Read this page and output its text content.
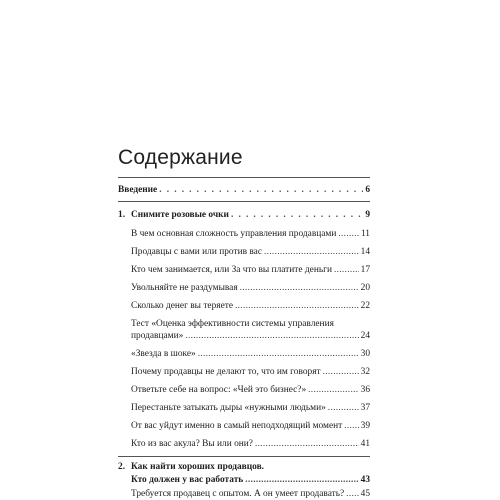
Содержание
Введение . . .	6
1. Снимите розовые очки . . .	9
В чем основная сложность управления продавцами .....	11
Продавцы с вами или против вас .....	14
Кто чем занимается, или За что вы платите деньги .....	17
Увольняйте не раздумывая .....	20
Сколько денег вы теряете .....	22
Тест «Оценка эффективности системы управления
продавцами» .....	24
«Звезда в шоке» .....	30
Почему продавцы не делают то, что им говорят .....	32
Ответьте себе на вопрос: «Чей это бизнес?» .....	36
Перестаньте затыкать дыры «нужными людьми» .....	37
От вас уйдут именно в самый неподходящий момент ..... 39
Кто из вас акула? Вы или они? .....	41
2. Как найти хороших продавцов.
Кто должен у вас работать .....	43
Требуется продавец с опытом. А он умеет продавать? ..... 45
